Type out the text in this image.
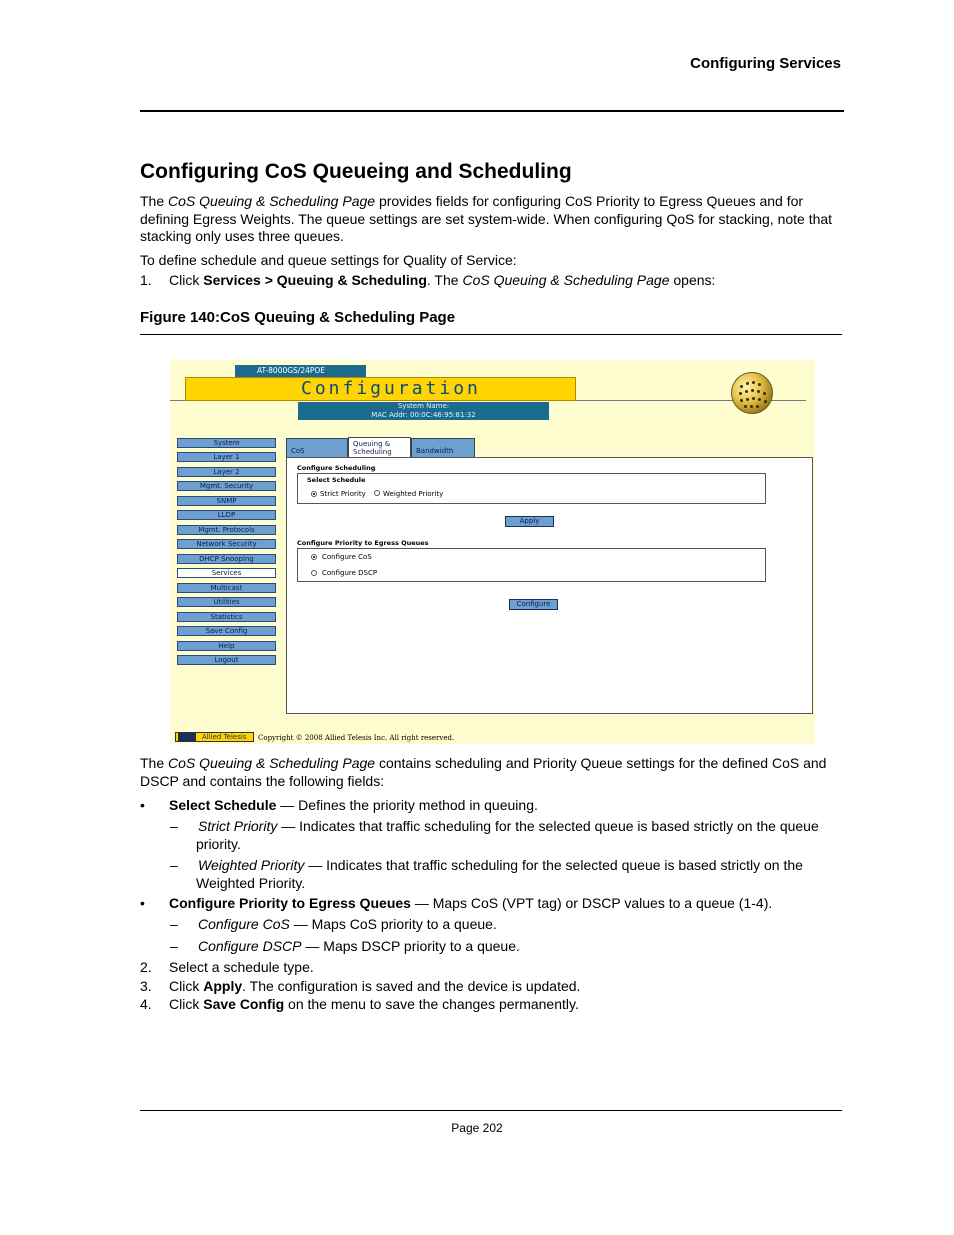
Configuring Services
Configuring CoS Queueing and Scheduling

The CoS Queuing & Scheduling Page provides fields for configuring CoS Priority to Egress Queues and for defining Egress Weights. The queue settings are set system-wide. When configuring QoS for stacking, note that stacking only uses three queues.

To define schedule and queue settings for Quality of Service:

1. Click Services > Queuing & Scheduling. The CoS Queuing & Scheduling Page opens:
Figure 140:CoS Queuing & Scheduling Page
AT-8000GS/24POE
Configuration
System Name:
MAC Addr: 00:0C:46:95:81:32
System
Layer 1
Layer 2
Mgmt. Security
SNMP
LLDP
Mgmt. Protocols
Network Security
DHCP Snooping
Services
Multicast
Utilities
Statistics
Save Config
Help
Logout
CoS
Queuing & Scheduling	Bandwidth
Configure Scheduling
Select Schedule
Strict Priority Weighted Priority
Apply
Configure Priority to Egress Queues
Configure CoS
Configure DSCP
Configure
Allied Telesis	Copyright © 2008 Allied Telesis Inc. All right reserved.

The CoS Queuing & Scheduling Page contains scheduling and Priority Queue settings for the defined CoS and DSCP and contains the following fields:

• Select Schedule — Defines the priority method in queuing.
– Strict Priority — Indicates that traffic scheduling for the selected queue is based strictly on the queue
priority.
– Weighted Priority — Indicates that traffic scheduling for the selected queue is based strictly on the
Weighted Priority.
• Configure Priority to Egress Queues — Maps CoS (VPT tag) or DSCP values to a queue (1-4).
– Configure CoS — Maps CoS priority to a queue.
– Configure DSCP — Maps DSCP priority to a queue.
2. Select a schedule type.
3. Click Apply. The configuration is saved and the device is updated.
4. Click Save Config on the menu to save the changes permanently.
Page 202
